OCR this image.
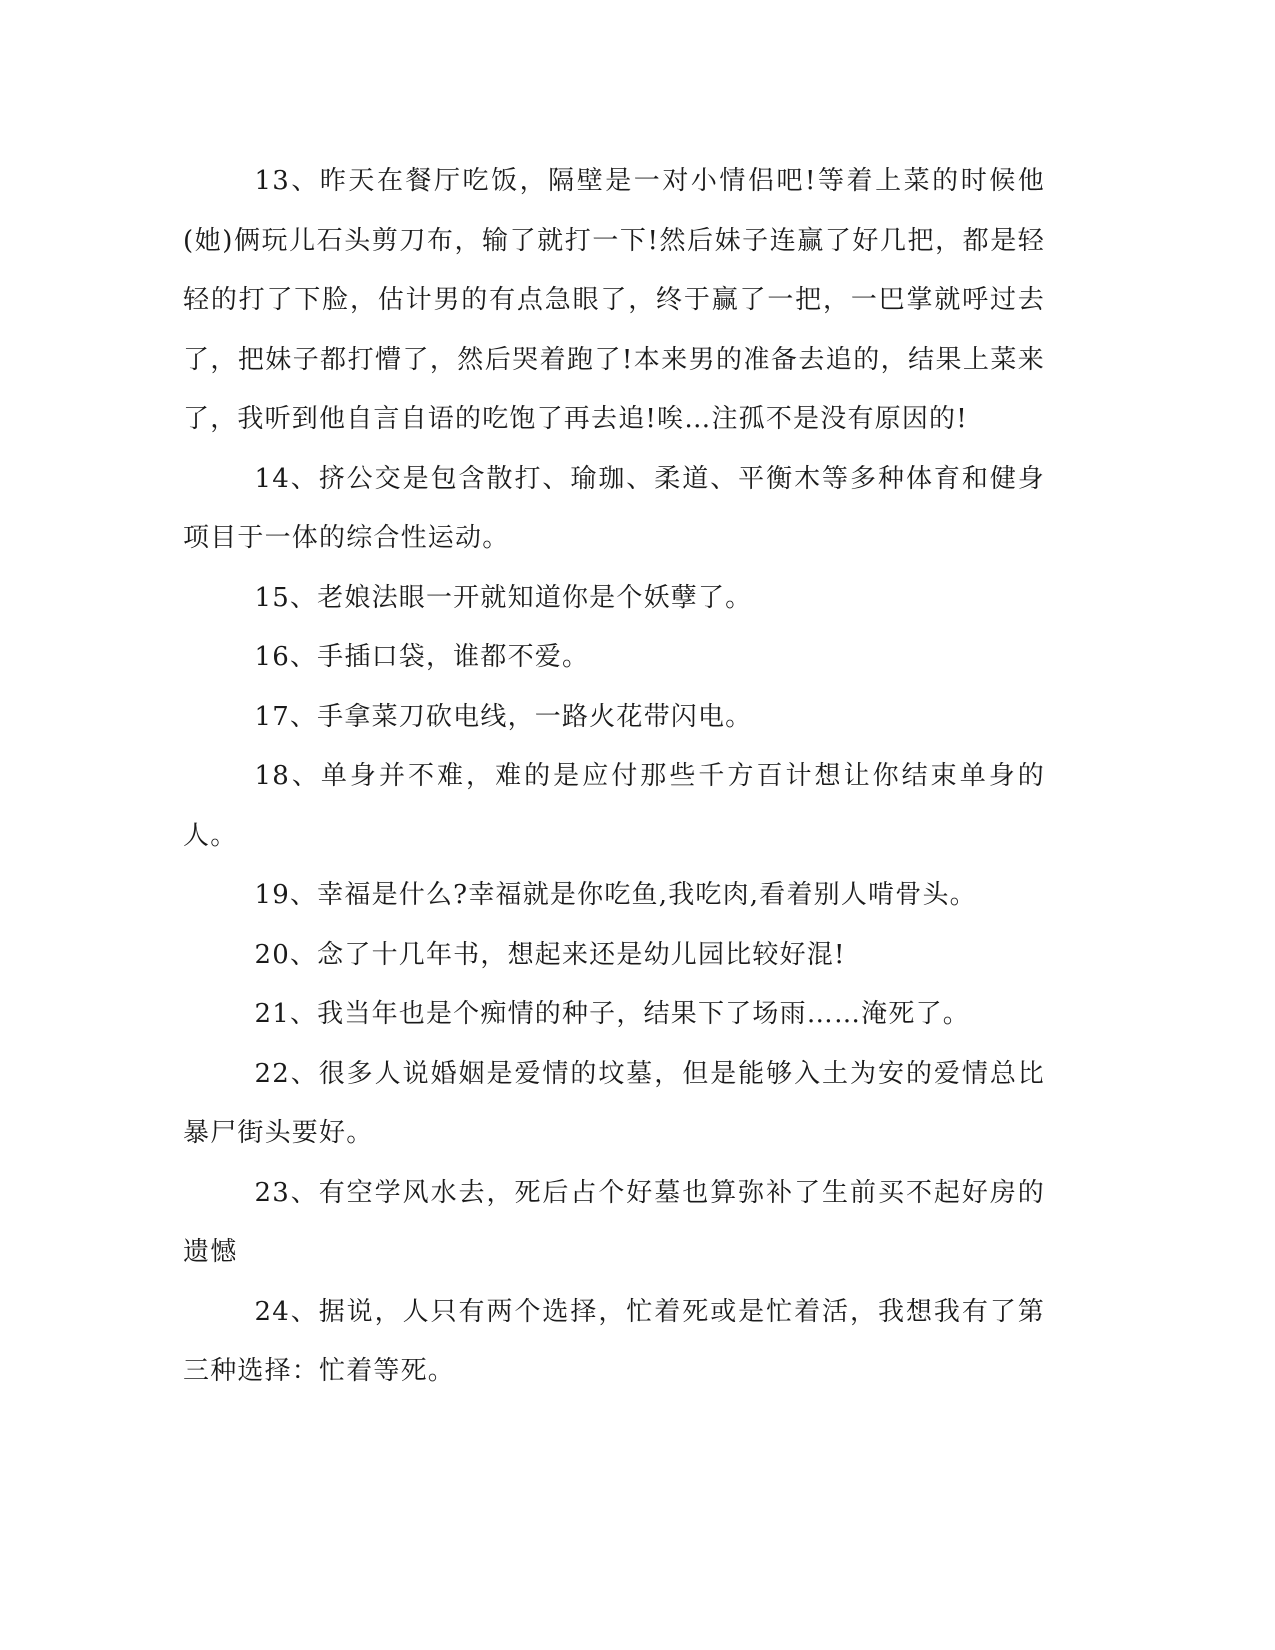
13、昨天在餐厅吃饭，隔壁是一对小情侣吧!等着上菜的时候他(她)俩玩儿石头剪刀布，输了就打一下!然后妹子连赢了好几把，都是轻轻的打了下脸，估计男的有点急眼了，终于赢了一把，一巴掌就呼过去了，把妹子都打懵了，然后哭着跑了!本来男的准备去追的，结果上菜来了，我听到他自言自语的吃饱了再去追!唉…注孤不是没有原因的!

14、挤公交是包含散打、瑜珈、柔道、平衡木等多种体育和健身项目于一体的综合性运动。

15、老娘法眼一开就知道你是个妖孽了。

16、手插口袋，谁都不爱。

17、手拿菜刀砍电线，一路火花带闪电。

18、单身并不难，难的是应付那些千方百计想让你结束单身的人。

19、幸福是什么?幸福就是你吃鱼,我吃肉,看着别人啃骨头。

20、念了十几年书，想起来还是幼儿园比较好混!

21、我当年也是个痴情的种子，结果下了场雨……淹死了。

22、很多人说婚姻是爱情的坟墓，但是能够入土为安的爱情总比暴尸街头要好。

23、有空学风水去，死后占个好墓也算弥补了生前买不起好房的遗憾

24、据说，人只有两个选择，忙着死或是忙着活，我想我有了第三种选择：忙着等死。
